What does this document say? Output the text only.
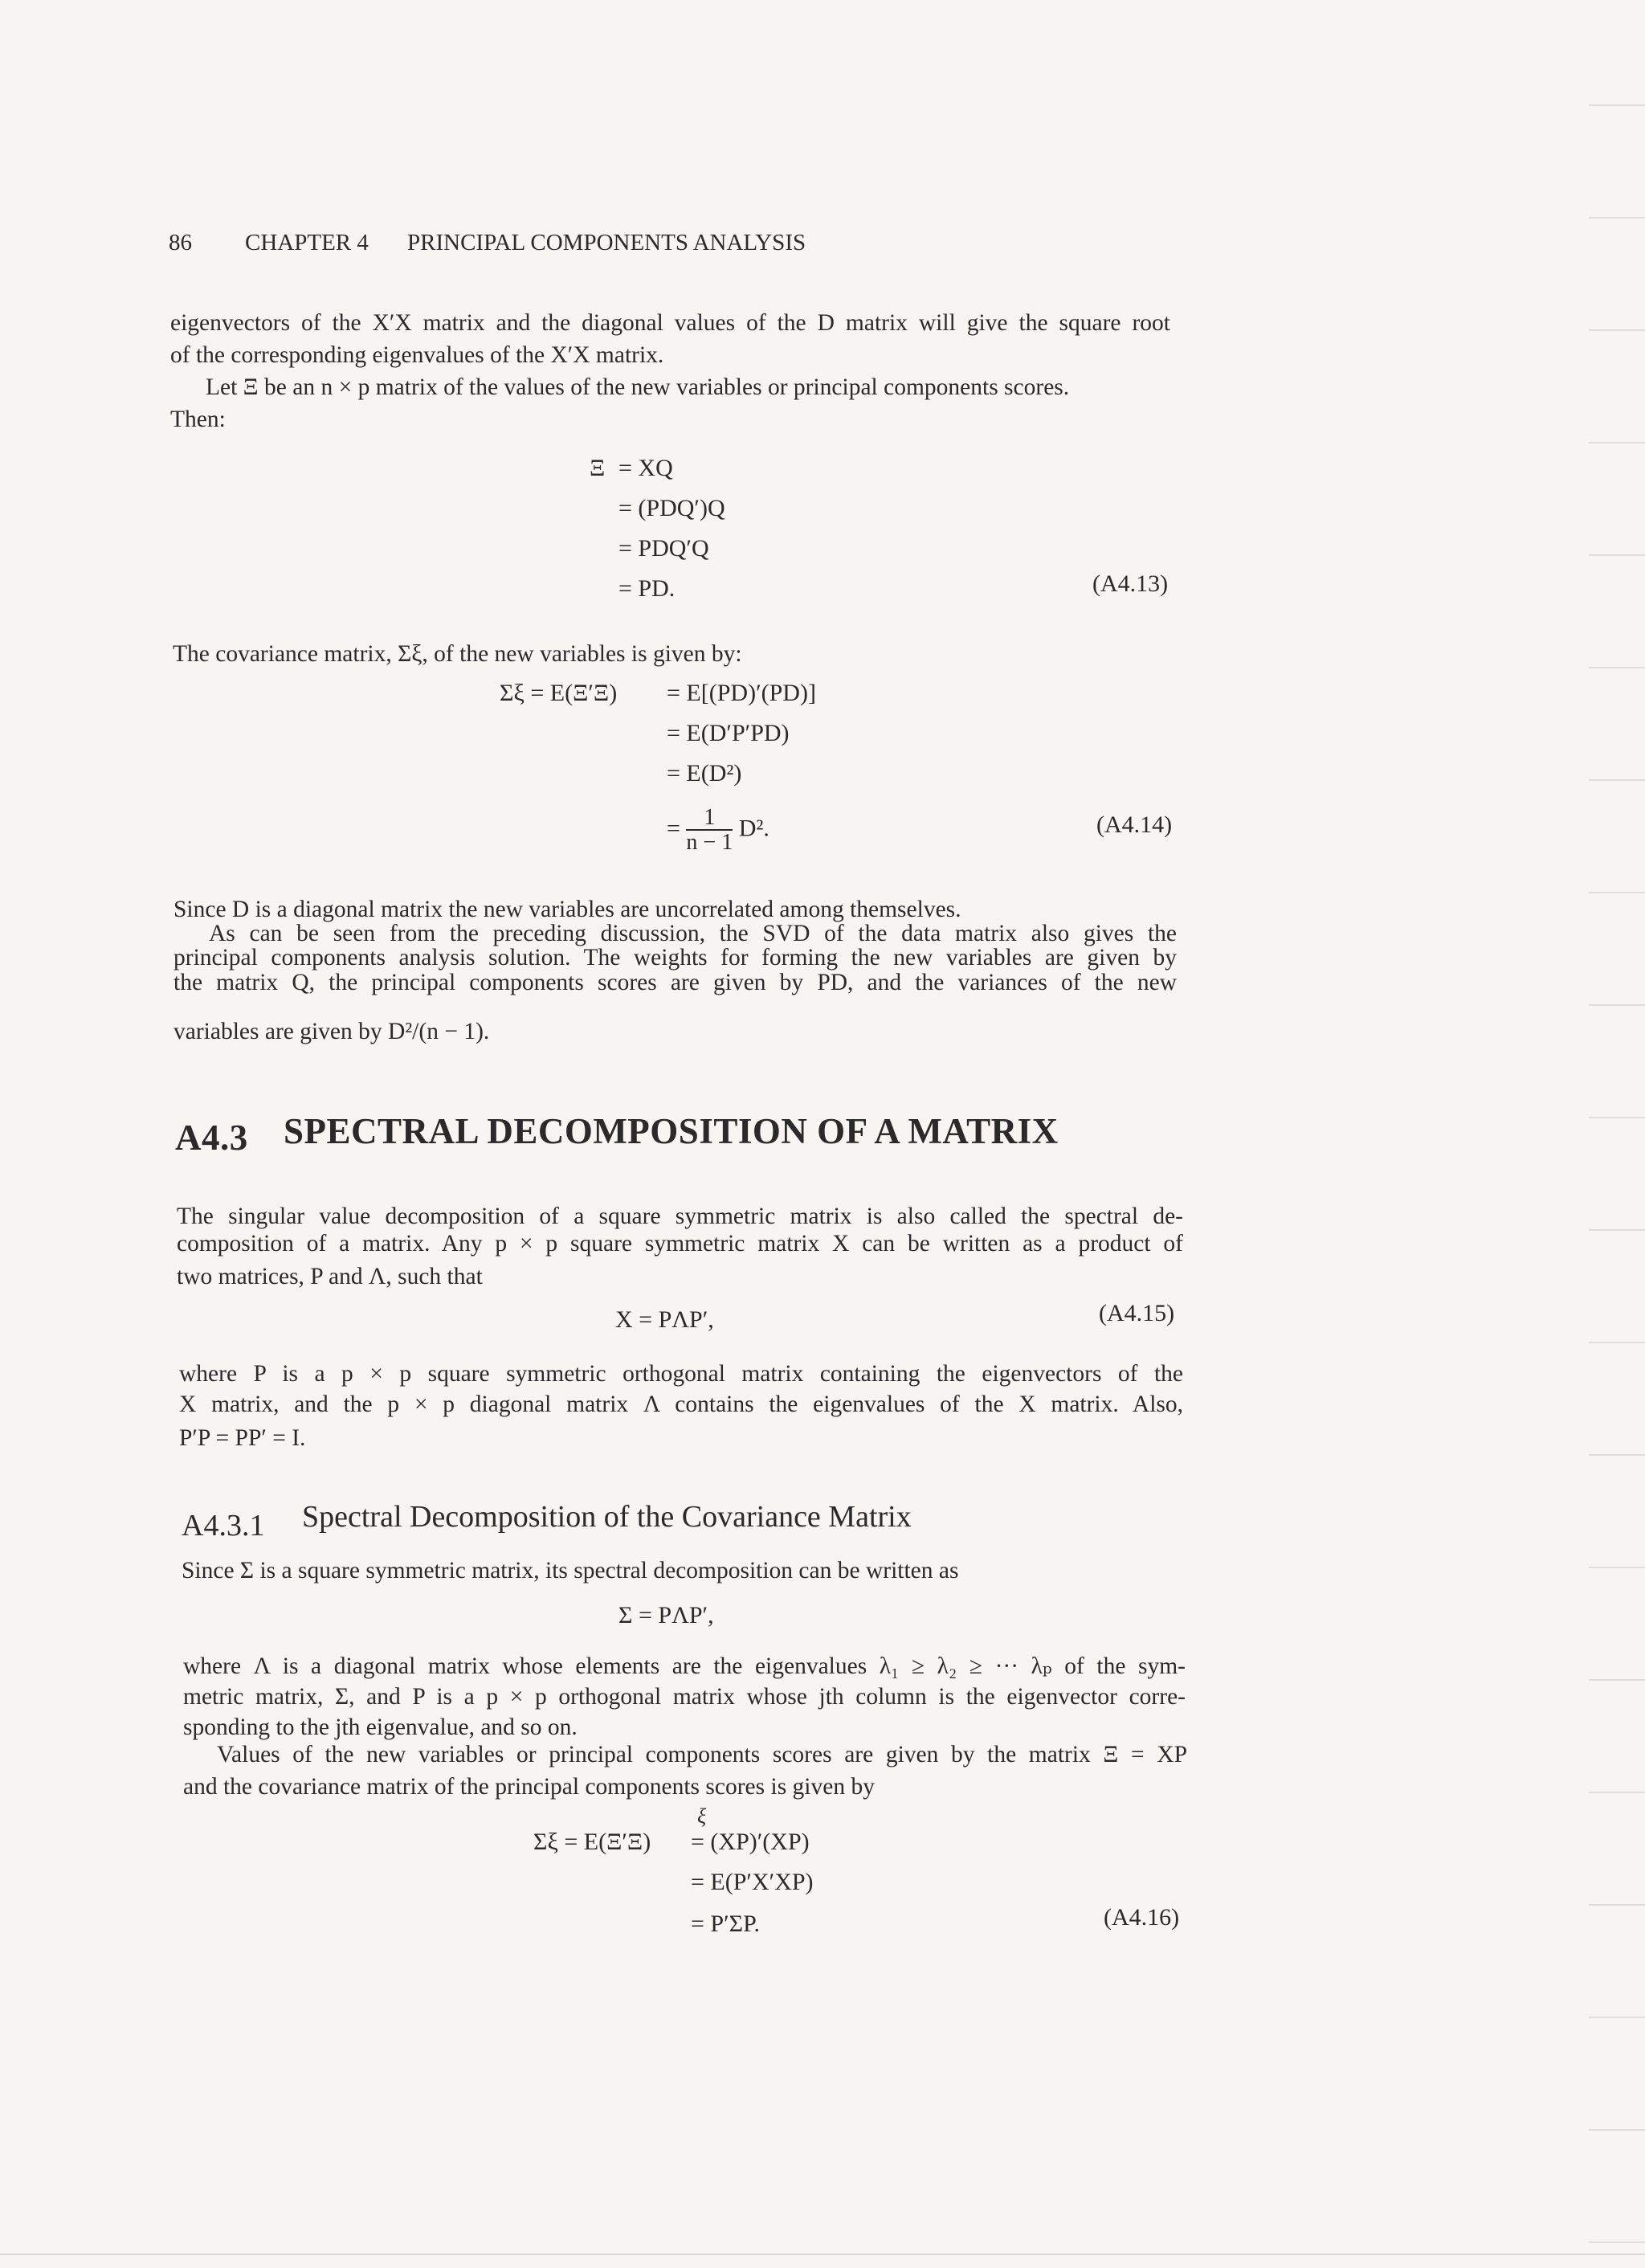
86 CHAPTER 4 PRINCIPAL COMPONENTS ANALYSIS
eigenvectors of the X′X matrix and the diagonal values of the D matrix will give the square root
of the corresponding eigenvalues of the X′X matrix.
Let Ξ be an n × p matrix of the values of the new variables or principal components scores.
Then:
Ξ = XQ
= (PDQ′)Q
= PDQ′Q
= PD.	(A4.13)
The covariance matrix, Σξ, of the new variables is given by:
Σξ = E(Ξ′Ξ) = E[(PD)′(PD)]
= E(D′P′PD)
= E(D²)
= $\frac{1}{n - 1} D^2$.	(A4.14)
Since D is a diagonal matrix the new variables are uncorrelated among themselves.
As can be seen from the preceding discussion, the SVD of the data matrix also gives the
principal components analysis solution. The weights for forming the new variables are given by
the matrix Q, the principal components scores are given by PD, and the variances of the new
variables are given by D²/(n − 1).
A4.3 SPECTRAL DECOMPOSITION OF A MATRIX
The singular value decomposition of a square symmetric matrix is also called the spectral de-
composition of a matrix. Any p × p square symmetric matrix X can be written as a product of
two matrices, P and Λ, such that
X = PΛP′,	(A4.15)
where P is a p × p square symmetric orthogonal matrix containing the eigenvectors of the
X matrix, and the p × p diagonal matrix Λ contains the eigenvalues of the X matrix. Also,
P′P = PP′ = I.
A4.3.1 Spectral Decomposition of the Covariance Matrix
Since Σ is a square symmetric matrix, its spectral decomposition can be written as
Σ = PΛP′,
where Λ is a diagonal matrix whose elements are the eigenvalues λ₁ ≥ λ₂ ≥ ··· λₚ of the sym-
metric matrix, Σ, and P is a p × p orthogonal matrix whose jth column is the eigenvector corre-
sponding to the jth eigenvalue, and so on.
Values of the new variables or principal components scores are given by the matrix Ξ = XP
and the covariance matrix of the principal components scores is given by
ξ
Σξ = E(Ξ′Ξ) = (XP)′(XP)
= E(P′X′XP)
= P′ΣP.	(A4.16)
